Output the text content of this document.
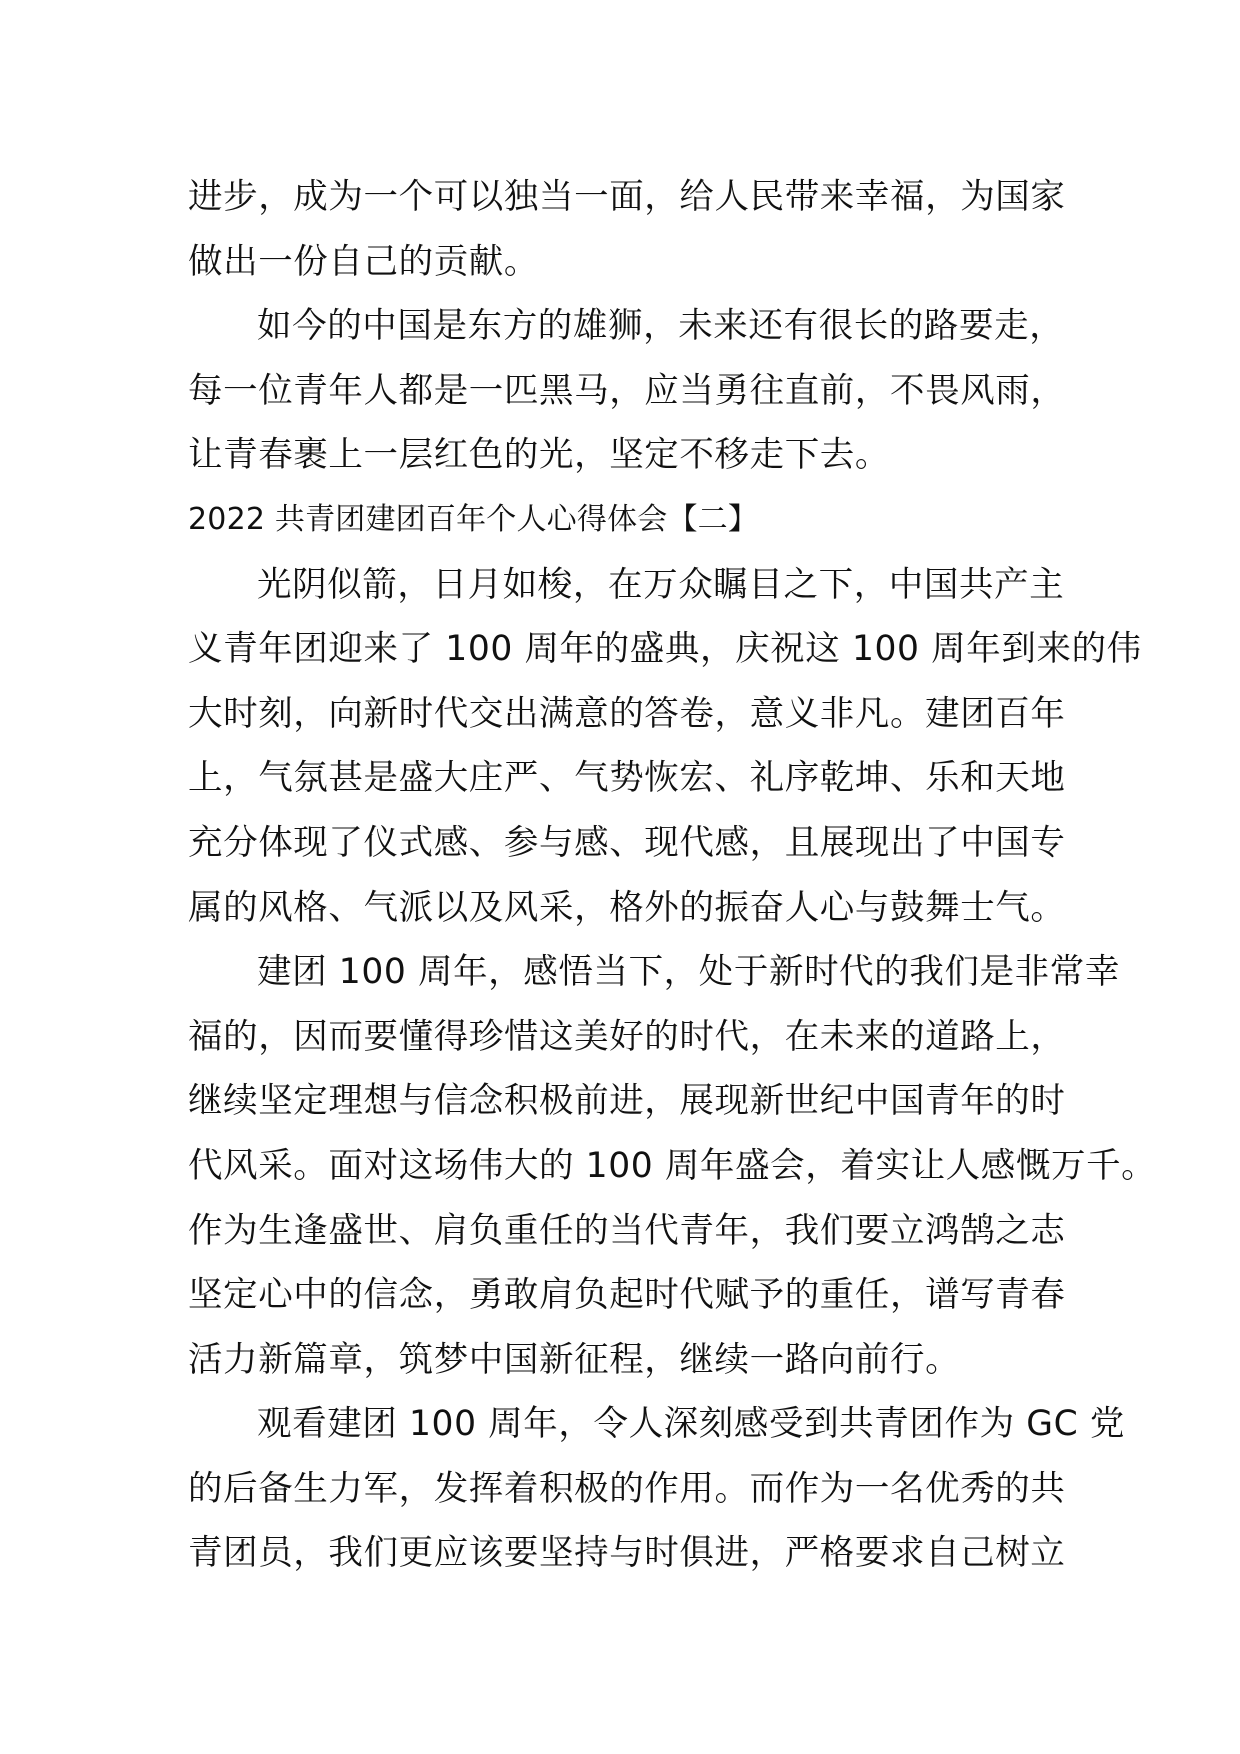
进步，成为一个可以独当一面，给人民带来幸福，为国家
做出一份自己的贡献。
如今的中国是东方的雄狮，未来还有很长的路要走，
每一位青年人都是一匹黑马，应当勇往直前，不畏风雨，
让青春裹上一层红色的光，坚定不移走下去。
2022 共青团建团百年个人心得体会【二】
光阴似箭，日月如梭，在万众瞩目之下，中国共产主
义青年团迎来了 100 周年的盛典，庆祝这 100 周年到来的伟
大时刻，向新时代交出满意的答卷，意义非凡。建团百年
上，气氛甚是盛大庄严、气势恢宏、礼序乾坤、乐和天地
充分体现了仪式感、参与感、现代感，且展现出了中国专
属的风格、气派以及风采，格外的振奋人心与鼓舞士气。
建团 100 周年，感悟当下，处于新时代的我们是非常幸
福的，因而要懂得珍惜这美好的时代，在未来的道路上，
继续坚定理想与信念积极前进，展现新世纪中国青年的时
代风采。面对这场伟大的 100 周年盛会，着实让人感慨万千。
作为生逢盛世、肩负重任的当代青年，我们要立鸿鹄之志
坚定心中的信念，勇敢肩负起时代赋予的重任，谱写青春
活力新篇章，筑梦中国新征程，继续一路向前行。
观看建团 100 周年，令人深刻感受到共青团作为 GC 党
的后备生力军，发挥着积极的作用。而作为一名优秀的共
青团员，我们更应该要坚持与时俱进，严格要求自己树立
